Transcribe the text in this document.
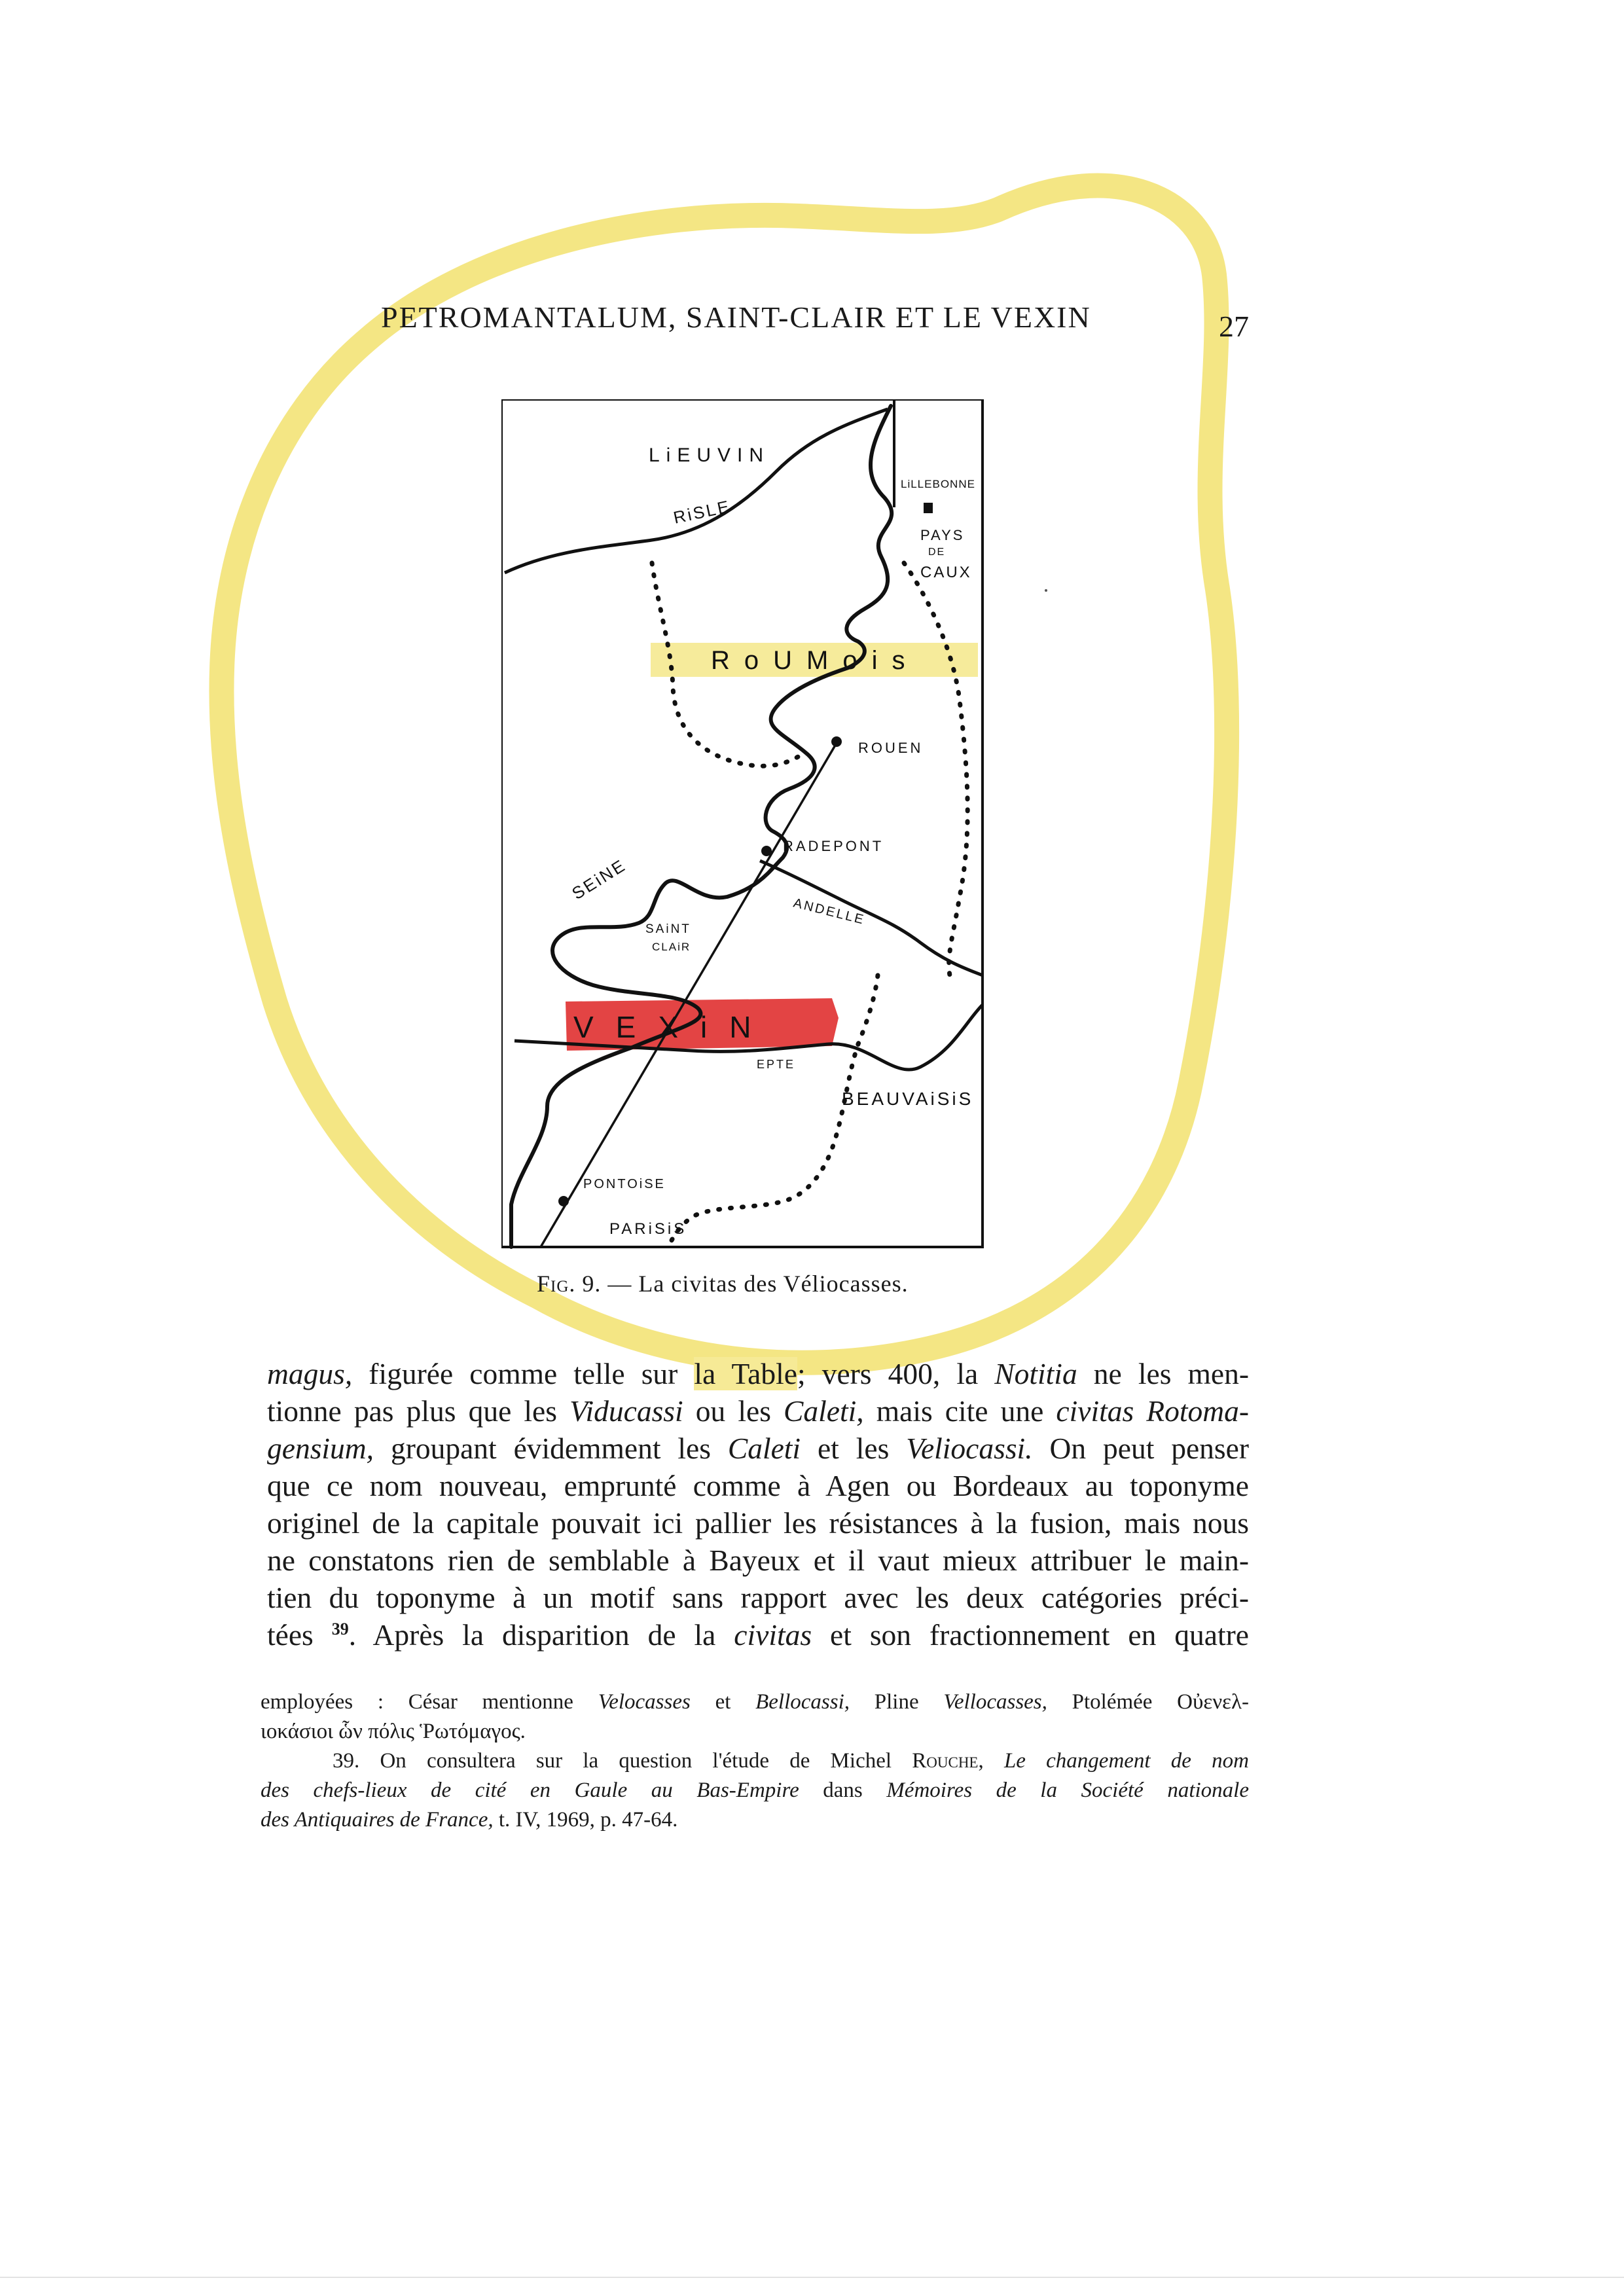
PETROMANTALUM, SAINT-CLAIR ET LE VEXIN	27
LiEUVIN
RiSLE
LiLLEBONNE
PAYS
DE
CAUX
RoUMois
ROUEN
RADEPONT
SEiNE
ANDELLE
SAiNT
CLAiR
VEXiN
EPTE
BEAUVAiSiS
PONTOiSE
PARiSiS
Fig. 9. — La civitas des Véliocasses.
magus, figurée comme telle sur la Table; vers 400, la Notitia ne les men-
tionne pas plus que les Viducassi ou les Caleti, mais cite une civitas Rotoma-
gensium, groupant évidemment les Caleti et les Veliocassi. On peut penser
que ce nom nouveau, emprunté comme à Agen ou Bordeaux au toponyme
originel de la capitale pouvait ici pallier les résistances à la fusion, mais nous
ne constatons rien de semblable à Bayeux et il vaut mieux attribuer le main-
tien du toponyme à un motif sans rapport avec les deux catégories préci-
tées $^{39}$. Après la disparition de la civitas et son fractionnement en quatre
employées : César mentionne Velocasses et Bellocassi, Pline Vellocasses, Ptolémée Οὐενελ-
ιοκάσιοι ὧν πόλις Ῥωτόμαγος.
39. On consultera sur la question l'étude de Michel Rouche, Le changement de nom
des chefs-lieux de cité en Gaule au Bas-Empire dans Mémoires de la Société nationale
des Antiquaires de France, t. IV, 1969, p. 47-64.
